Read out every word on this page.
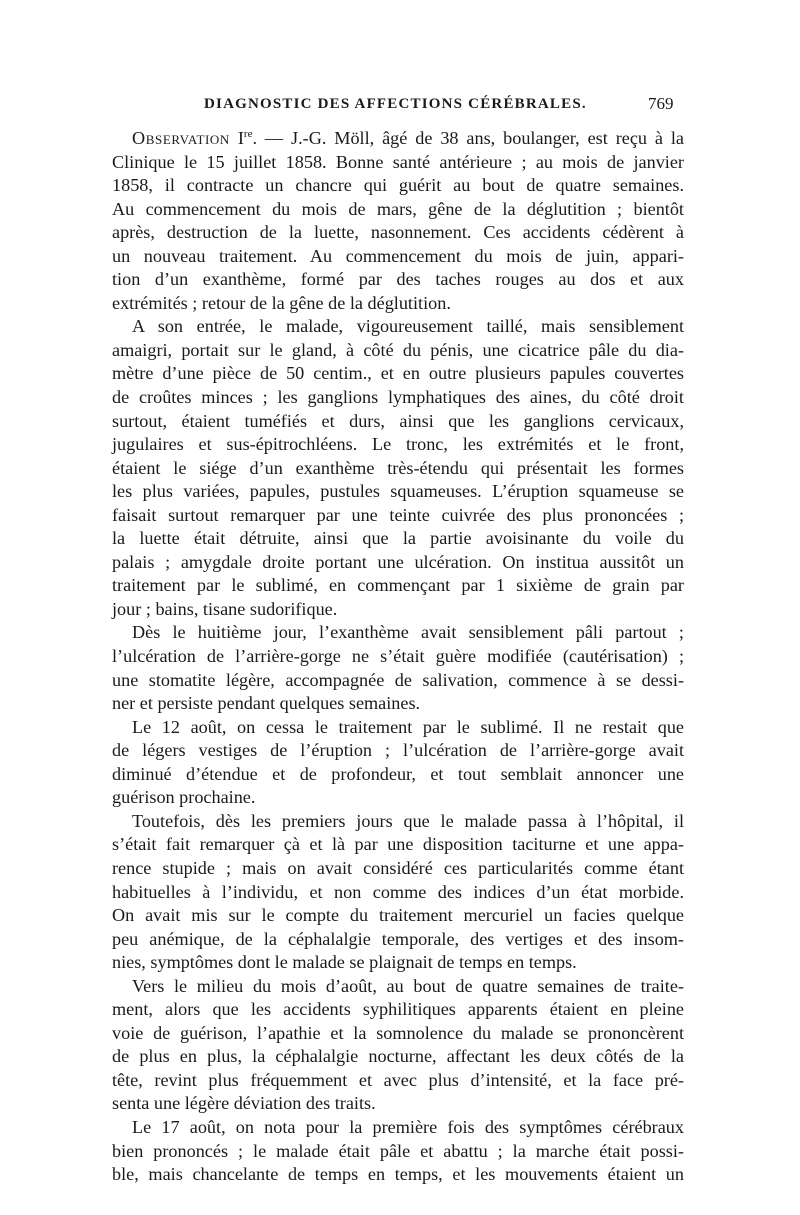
DIAGNOSTIC DES AFFECTIONS CÉRÉBRALES.	769
Observation Ire. — J.-G. Möll, âgé de 38 ans, boulanger, est reçu à la
Clinique le 15 juillet 1858. Bonne santé antérieure ; au mois de janvier
1858, il contracte un chancre qui guérit au bout de quatre semaines.
Au commencement du mois de mars, gêne de la déglutition ; bientôt
après, destruction de la luette, nasonnement. Ces accidents cédèrent à
un nouveau traitement. Au commencement du mois de juin, appari-
tion d’un exanthème, formé par des taches rouges au dos et aux
extrémités ; retour de la gêne de la déglutition.
A son entrée, le malade, vigoureusement taillé, mais sensiblement
amaigri, portait sur le gland, à côté du pénis, une cicatrice pâle du dia-
mètre d’une pièce de 50 centim., et en outre plusieurs papules couvertes
de croûtes minces ; les ganglions lymphatiques des aines, du côté droit
surtout, étaient tuméfiés et durs, ainsi que les ganglions cervicaux,
jugulaires et sus-épitrochléens. Le tronc, les extrémités et le front,
étaient le siége d’un exanthème très-étendu qui présentait les formes
les plus variées, papules, pustules squameuses. L’éruption squameuse se
faisait surtout remarquer par une teinte cuivrée des plus prononcées ;
la luette était détruite, ainsi que la partie avoisinante du voile du
palais ; amygdale droite portant une ulcération. On institua aussitôt un
traitement par le sublimé, en commençant par 1 sixième de grain par
jour ; bains, tisane sudorifique.
Dès le huitième jour, l’exanthème avait sensiblement pâli partout ;
l’ulcération de l’arrière-gorge ne s’était guère modifiée (cautérisation) ;
une stomatite légère, accompagnée de salivation, commence à se dessi-
ner et persiste pendant quelques semaines.
Le 12 août, on cessa le traitement par le sublimé. Il ne restait que
de légers vestiges de l’éruption ; l’ulcération de l’arrière-gorge avait
diminué d’étendue et de profondeur, et tout semblait annoncer une
guérison prochaine.
Toutefois, dès les premiers jours que le malade passa à l’hôpital, il
s’était fait remarquer çà et là par une disposition taciturne et une appa-
rence stupide ; mais on avait considéré ces particularités comme étant
habituelles à l’individu, et non comme des indices d’un état morbide.
On avait mis sur le compte du traitement mercuriel un facies quelque
peu anémique, de la céphalalgie temporale, des vertiges et des insom-
nies, symptômes dont le malade se plaignait de temps en temps.
Vers le milieu du mois d’août, au bout de quatre semaines de traite-
ment, alors que les accidents syphilitiques apparents étaient en pleine
voie de guérison, l’apathie et la somnolence du malade se prononcèrent
de plus en plus, la céphalalgie nocturne, affectant les deux côtés de la
tête, revint plus fréquemment et avec plus d’intensité, et la face pré-
senta une légère déviation des traits.
Le 17 août, on nota pour la première fois des symptômes cérébraux
bien prononcés ; le malade était pâle et abattu ; la marche était possi-
ble, mais chancelante de temps en temps, et les mouvements étaient un
